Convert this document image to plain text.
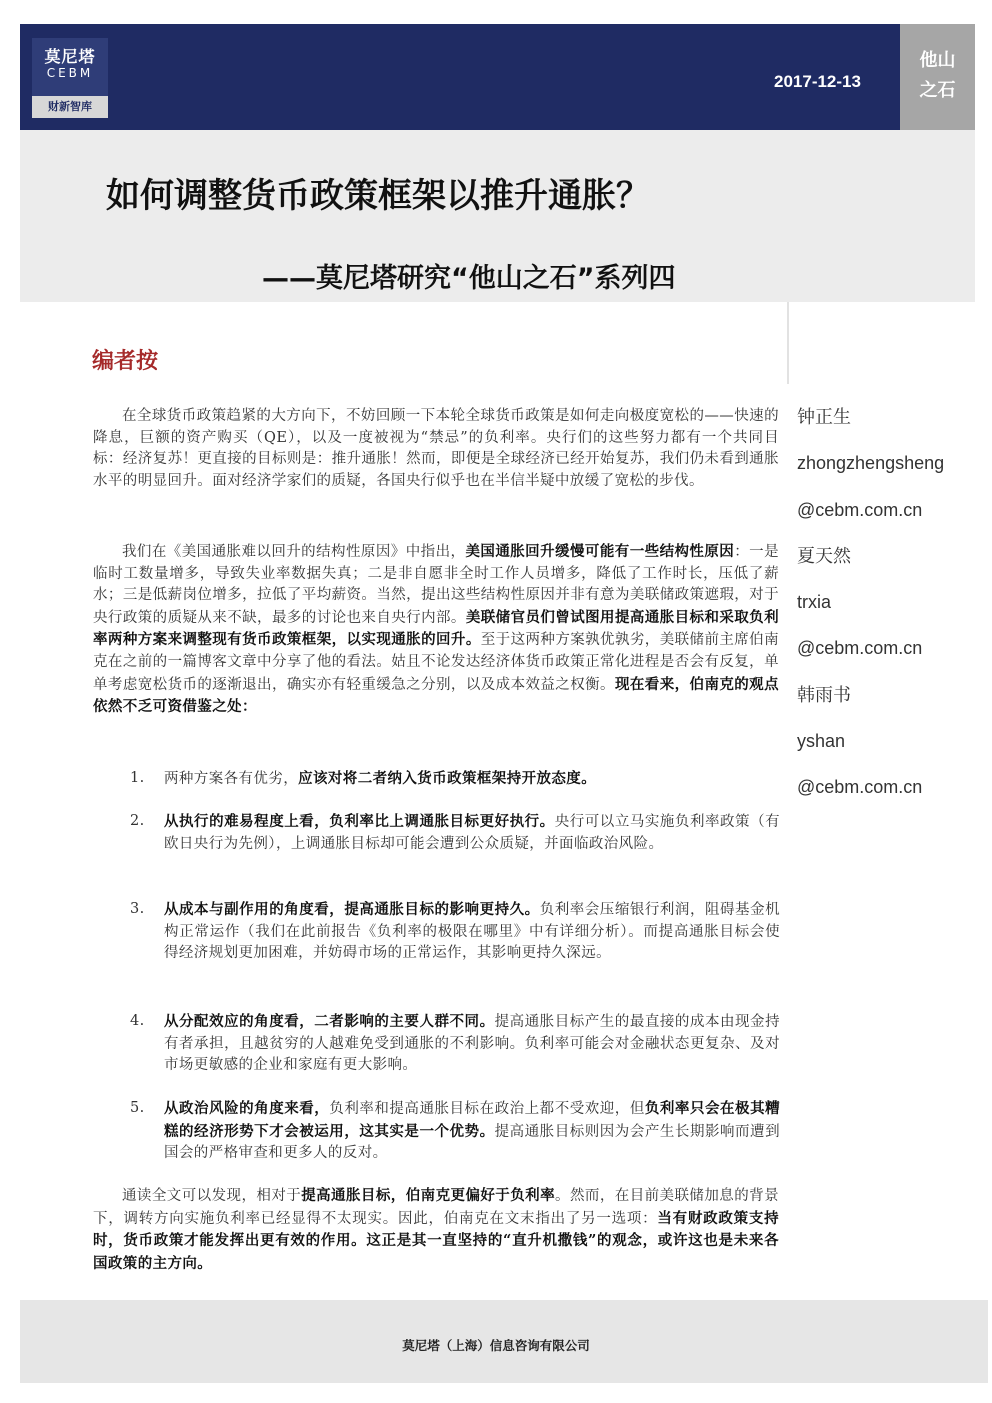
莫尼塔
CEBM
财新智库
2017-12-13
他山
之石
如何调整货币政策框架以推升通胀？
——莫尼塔研究“他山之石”系列四
编者按

在全球货币政策趋紧的大方向下，不妨回顾一下本轮全球货币政策是如何走向极度宽松的——快速的降息，巨额的资产购买（QE），以及一度被视为“禁忌”的负利率。央行们的这些努力都有一个共同目标：经济复苏！更直接的目标则是：推升通胀！然而，即便是全球经济已经开始复苏，我们仍未看到通胀水平的明显回升。面对经济学家们的质疑，各国央行似乎也在半信半疑中放缓了宽松的步伐。

我们在《美国通胀难以回升的结构性原因》中指出，美国通胀回升缓慢可能有一些结构性原因：一是临时工数量增多，导致失业率数据失真；二是非自愿非全时工作人员增多，降低了工作时长，压低了薪水；三是低薪岗位增多，拉低了平均薪资。当然，提出这些结构性原因并非有意为美联储政策遮瑕，对于央行政策的质疑从来不缺，最多的讨论也来自央行内部。美联储官员们曾试图用提高通胀目标和采取负利率两种方案来调整现有货币政策框架，以实现通胀的回升。至于这两种方案孰优孰劣，美联储前主席伯南克在之前的一篇博客文章中分享了他的看法。姑且不论发达经济体货币政策正常化进程是否会有反复，单单考虑宽松货币的逐渐退出，确实亦有轻重缓急之分别，以及成本效益之权衡。现在看来，伯南克的观点依然不乏可资借鉴之处：

1. 两种方案各有优劣，应该对将二者纳入货币政策框架持开放态度。
2. 从执行的难易程度上看，负利率比上调通胀目标更好执行。央行可以立马实施负利率政策（有欧日央行为先例），上调通胀目标却可能会遭到公众质疑，并面临政治风险。
3. 从成本与副作用的角度看，提高通胀目标的影响更持久。负利率会压缩银行利润，阻碍基金机构正常运作（我们在此前报告《负利率的极限在哪里》中有详细分析）。而提高通胀目标会使得经济规划更加困难，并妨碍市场的正常运作，其影响更持久深远。
4. 从分配效应的角度看，二者影响的主要人群不同。提高通胀目标产生的最直接的成本由现金持有者承担，且越贫穷的人越难免受到通胀的不利影响。负利率可能会对金融状态更复杂、及对市场更敏感的企业和家庭有更大影响。
5. 从政治风险的角度来看，负利率和提高通胀目标在政治上都不受欢迎，但负利率只会在极其糟糕的经济形势下才会被运用，这其实是一个优势。提高通胀目标则因为会产生长期影响而遭到国会的严格审查和更多人的反对。

通读全文可以发现，相对于提高通胀目标，伯南克更偏好于负利率。然而，在目前美联储加息的背景下，调转方向实施负利率已经显得不太现实。因此，伯南克在文末指出了另一选项：当有财政政策支持时，货币政策才能发挥出更有效的作用。这正是其一直坚持的“直升机撒钱”的观念，或许这也是未来各国政策的主方向。

钟正生
zhongzhengsheng
@cebm.com.cn
夏天然
trxia
@cebm.com.cn
韩雨书
yshan
@cebm.com.cn
莫尼塔（上海）信息咨询有限公司
